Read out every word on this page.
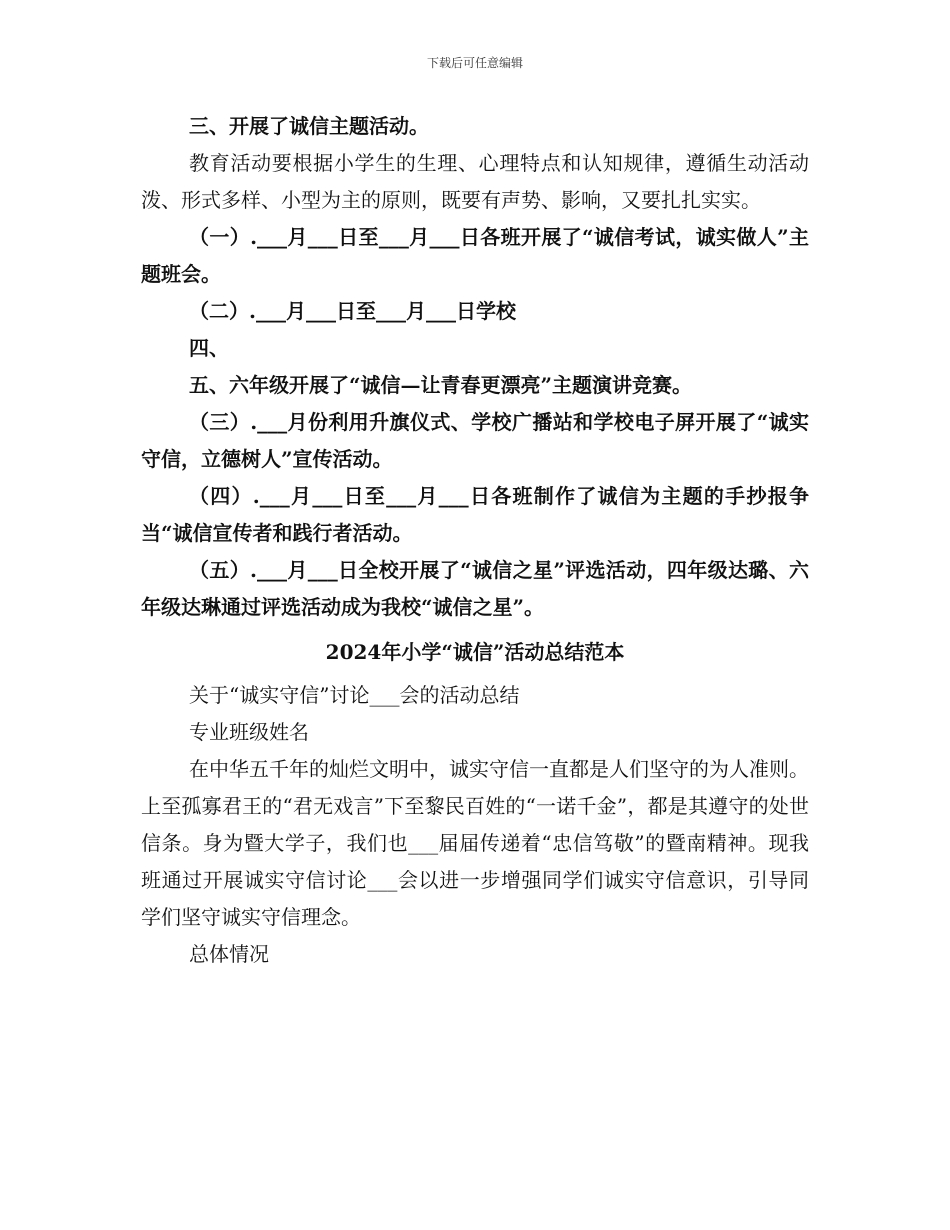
下载后可任意编辑

三、开展了诚信主题活动。

教育活动要根据小学生的生理、心理特点和认知规律，遵循生动活动泼、形式多样、小型为主的原则，既要有声势、影响，又要扎扎实实。

（一）.___月___日至___月___日各班开展了“诚信考试，诚实做人”主题班会。

（二）.___月___日至___月___日学校

四、

五、六年级开展了“诚信—让青春更漂亮”主题演讲竞赛。

（三）.___月份利用升旗仪式、学校广播站和学校电子屏开展了“诚实守信，立德树人”宣传活动。

（四）.___月___日至___月___日各班制作了诚信为主题的手抄报争当“诚信宣传者和践行者活动。

（五）.___月___日全校开展了“诚信之星”评选活动，四年级达璐、六年级达琳通过评选活动成为我校“诚信之星”。

2024年小学“诚信”活动总结范本

关于“诚实守信”讨论___会的活动总结

专业班级姓名

在中华五千年的灿烂文明中，诚实守信一直都是人们坚守的为人准则。上至孤寡君王的“君无戏言”下至黎民百姓的“一诺千金”，都是其遵守的处世信条。身为暨大学子，我们也___届届传递着“忠信笃敬”的暨南精神。现我班通过开展诚实守信讨论___会以进一步增强同学们诚实守信意识，引导同学们坚守诚实守信理念。

总体情况
